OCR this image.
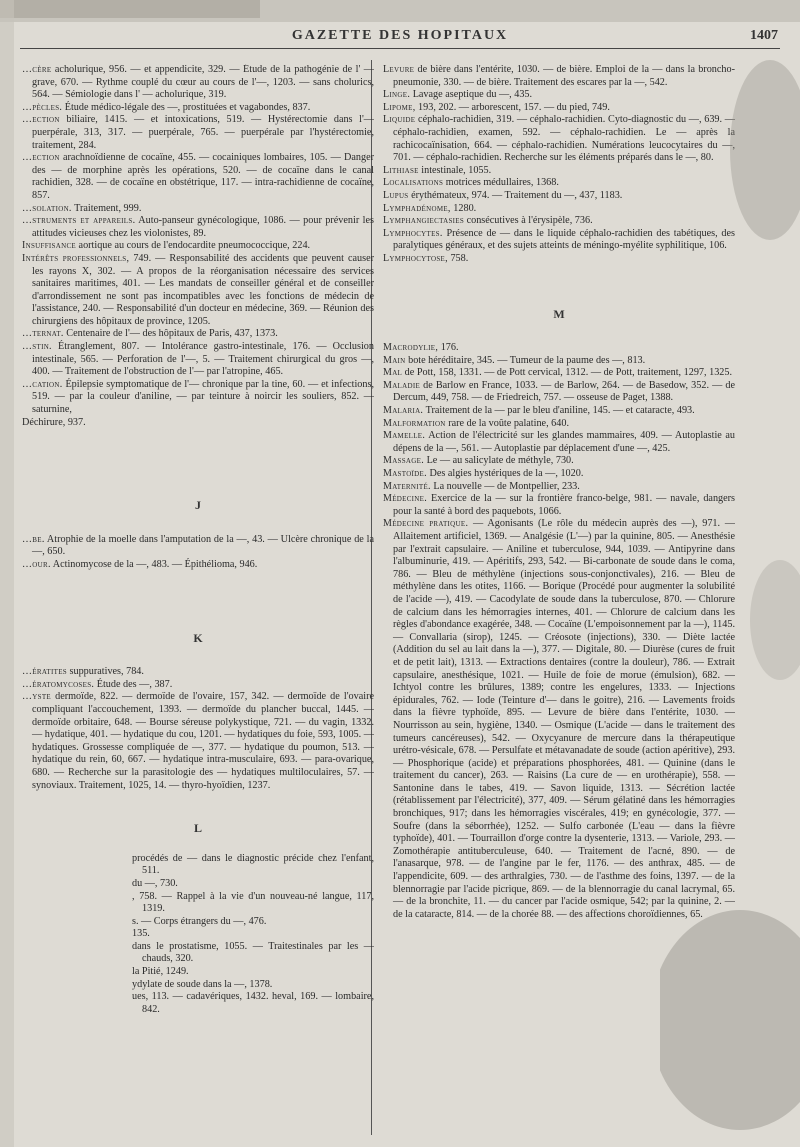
GAZETTE DES HOPITAUX	1407
…cère acholurique, 956. — et appendicite, 329. — Étude de la pathogénie de l' — grave, 670. — Rythme couplé du cœur au cours de l'—, 1203. — sans cholurics, 564. — Sémiologie dans l' — acholurique, 319.
…pècles. Étude médico-légale des —, prostituées et vagabondes, 837.
…ection biliaire, 1415. — et intoxications, 519. — Hystérectomie dans l'— puerpérale, 313, 317. — puerpérale, 765. — puerpérale par l'hystérectomie, traitement, 284.
…ection arachnoïdienne de cocaïne, 455. — cocainiques lombaires, 105. — Danger des — de morphine après les opérations, 520. — de cocaïne dans le canal rachidien, 328. — de cocaïne en obstétrique, 117. — intra-rachidienne de cocaïne, 857.
…solation. Traitement, 999.
…struments et appareils. Auto-panseur gynécologique, 1086. — pour prévenir les attitudes vicieuses chez les violonistes, 89.
Insuffisance aortique au cours de l'endocardite pneumococcique, 224.
Intérêts professionnels, 749. — Responsabilité des accidents que peuvent causer les rayons X, 302. — A propos de la réorganisation nécessaire des services sanitaires maritimes, 401. — Les mandats de conseiller général et de conseiller d'arrondissement ne sont pas incompatibles avec les fonctions de médecin de l'assistance, 240. — Responsabilité d'un docteur en médecine, 369. — Réunion des chirurgiens des hôpitaux de province, 1205.
…ternat. Centenaire de l'— des hôpitaux de Paris, 437, 1373.
…stin. Étranglement, 807. — Intolérance gastro-intestinale, 176. — Occlusion intestinale, 565. — Perforation de l'—, 5. — Traitement chirurgical du gros —, 400. — Traitement de l'obstruction de l'— par l'atropine, 465.
…cation. Épilepsie symptomatique de l'— chronique par la tine, 60. — et infections, 519. — par la couleur d'aniline, — par teinture à noircir les souliers, 852. — saturnine,
Déchirure, 937.
J
…be. Atrophie de la moelle dans l'amputation de la —, 43. — Ulcère chronique de la —, 650.
…our. Actinomycose de la —, 483. — Épithélioma, 946.
K
…ératites suppuratives, 784.
…ératomycoses. Étude des —, 387.
…yste dermoïde, 822. — dermoïde de l'ovaire, 157, 342. — dermoïde de l'ovaire compliquant l'accouchement, 1393. — dermoïde du plancher buccal, 1445. — dermoïde orbitaire, 648. — Bourse séreuse polykystique, 721. — du vagin, 1332. — hydatique, 401. — hydatique du cou, 1201. — hydatiques du foie, 593, 1005. — hydatiques. Grossesse compliquée de —, 377. — hydatique du poumon, 513. — hydatique du rein, 60, 667. — hydatique intra-musculaire, 693. — para-ovarique, 680. — Recherche sur la parasitologie des — hydatiques multiloculaires, 57. — synoviaux. Traitement, 1025, 14. — thyro-hyoïdien, 1237.
L
procédés de — dans le diagnostic précide chez l'enfant, 511.
du —, 730.
, 758. — Rappel à la vie d'un nouveau-né langue, 117, 1319.
s. — Corps étrangers du —, 476.
135.
dans le prostatisme, 1055. — Traitestinales par les — chauds, 320.
la Pitié, 1249.
ydylate de soude dans la —, 1378.
ues, 113. — cadavériques, 1432. heval, 169. — lombaire, 842.
Levure de bière dans l'entérite, 1030. — de bière. Emploi de la — dans la broncho-pneumonie, 330. — de bière. Traitement des escares par la —, 542.
Linge. Lavage aseptique du —, 435.
Lipome, 193, 202. — arborescent, 157. — du pied, 749.
Liquide céphalo-rachidien, 319. — céphalo-rachidien. Cyto-diagnostic du —, 639. — céphalo-rachidien, examen, 592. — céphalo-rachidien. Le — après la rachicocaïnisation, 664. — céphalo-rachidien. Numérations leucocytaires du —, 701. — céphalo-rachidien. Recherche sur les éléments préparés dans le —, 80.
Lithiase intestinale, 1055.
Localisations motrices médullaires, 1368.
Lupus érythémateux, 974. — Traitement du —, 437, 1183.
Lymphadénome, 1280.
Lymphangiectasies consécutives à l'érysipèle, 736.
Lymphocytes. Présence de — dans le liquide céphalo-rachidien des tabétiques, des paralytiques généraux, et des sujets atteints de méningo-myélite syphilitique, 106.
Lymphocytose, 758.
M
Macrodylie, 176.
Main bote héréditaire, 345. — Tumeur de la paume des —, 813.
Mal de Pott, 158, 1331. — de Pott cervical, 1312. — de Pott, traitement, 1297, 1325.
Maladie de Barlow en France, 1033. — de Barlow, 264. — de Basedow, 352. — de Dercum, 449, 758. — de Friedreich, 757. — osseuse de Paget, 1388.
Malaria. Traitement de la — par le bleu d'aniline, 145. — et cataracte, 493.
Malformation rare de la voûte palatine, 640.
Mamelle. Action de l'électricité sur les glandes mammaires, 409. — Autoplastie au dépens de la —, 561. — Autoplastie par déplacement d'une —, 425.
Massage. Le — au salicylate de méthyle, 730.
Mastoïde. Des algies hystériques de la —, 1020.
Maternité. La nouvelle — de Montpellier, 233.
Médecine. Exercice de la — sur la frontière franco-belge, 981. — navale, dangers pour la santé à bord des paquebots, 1066.
Médecine pratique. — Agonisants (Le rôle du médecin auprès des —), 971. — Allaitement artificiel, 1369. — Analgésie (L'—) par la quinine, 805. — Anesthésie par l'extrait capsulaire. — Aniline et tuberculose, 944, 1039. — Antipyrine dans l'albuminurie, 419. — Apéritifs, 293, 542. — Bi-carbonate de soude dans le coma, 786. — Bleu de méthylène (injections sous-conjonctivales), 216. — Bleu de méthylène dans les otites, 1166. — Borique (Procédé pour augmenter la solubilité de l'acide —), 419. — Cacodylate de soude dans la tuberculose, 870. — Chlorure de calcium dans les hémorragies internes, 401. — Chlorure de calcium dans les règles d'abondance exagérée, 348. — Cocaïne (L'empoisonnement par la —), 1145. — Convallaria (sirop), 1245. — Créosote (injections), 330. — Diète lactée (Addition du sel au lait dans la —), 377. — Digitale, 80. — Diurèse (cures de fruit et de petit lait), 1313. — Extractions dentaires (contre la douleur), 786. — Extrait capsulaire, anesthésique, 1021. — Huile de foie de morue (émulsion), 682. — Ichtyol contre les brûlures, 1389; contre les engelures, 1333. — Injections épidurales, 762. — Iode (Teinture d'— dans le goitre), 216. — Lavements froids dans la fièvre typhoïde, 895. — Levure de bière dans l'entérite, 1030. — Nourrisson au sein, hygiène, 1340. — Osmique (L'acide — dans le traitement des tumeurs cancéreuses), 542. — Oxycyanure de mercure dans la thérapeutique urétro-vésicale, 678. — Persulfate et métavanadate de soude (action apéritive), 293. — Phosphorique (acide) et préparations phosphorées, 481. — Quinine (dans le traitement du cancer), 263. — Raisins (La cure de — en urothérapie), 558. — Santonine dans le tabes, 419. — Savon liquide, 1313. — Sécrétion lactée (rétablissement par l'électricité), 377, 409. — Sérum gélatiné dans les hémorragies bronchiques, 917; dans les hémorragies viscérales, 419; en gynécologie, 377. — Soufre (dans la séborrhée), 1252. — Sulfo carbonée (L'eau — dans la fièvre typhoïde), 401. — Tourraillon d'orge contre la dysenterie, 1313. — Variole, 293. — Zomothérapie antituberculeuse, 640. — Traitement de l'acné, 890. — de l'anasarque, 978. — de l'angine par le fer, 1176. — des anthrax, 485. — de l'appendicite, 609. — des arthralgies, 730. — de l'asthme des foins, 1397. — de la blennorragie par l'acide picrique, 869. — de la blennorragie du canal lacrymal, 65. — de la bronchite, 11. — du cancer par l'acide osmique, 542; par la quinine, 2. — de la cataracte, 814. — de la chorée 88. — des affections choroïdiennes, 65.
